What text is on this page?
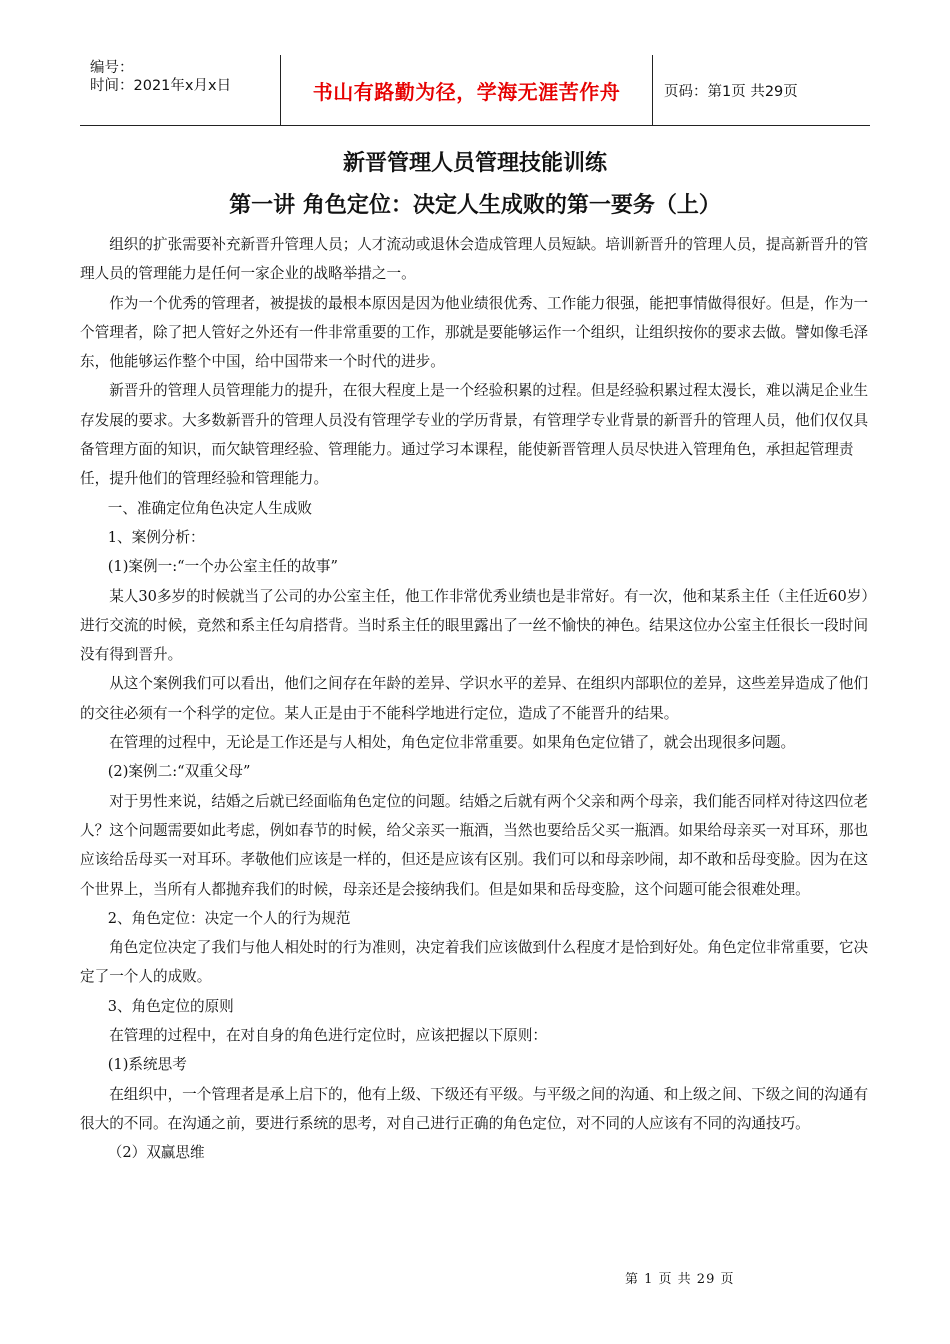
编号：
时间：2021年x月x日	书山有路勤为径，学海无涯苦作舟	页码：第1页 共29页
新晋管理人员管理技能训练
第一讲 角色定位：决定人生成败的第一要务（上）

组织的扩张需要补充新晋升管理人员；人才流动或退休会造成管理人员短缺。培训新晋升的管理人员，提高新晋升的管理人员的管理能力是任何一家企业的战略举措之一。

作为一个优秀的管理者，被提拔的最根本原因是因为他业绩很优秀、工作能力很强，能把事情做得很好。但是，作为一个管理者，除了把人管好之外还有一件非常重要的工作，那就是要能够运作一个组织，让组织按你的要求去做。譬如像毛泽东，他能够运作整个中国，给中国带来一个时代的进步。

新晋升的管理人员管理能力的提升，在很大程度上是一个经验积累的过程。但是经验积累过程太漫长，难以满足企业生存发展的要求。大多数新晋升的管理人员没有管理学专业的学历背景，有管理学专业背景的新晋升的管理人员，他们仅仅具备管理方面的知识，而欠缺管理经验、管理能力。通过学习本课程，能使新晋管理人员尽快进入管理角色，承担起管理责任，提升他们的管理经验和管理能力。

一、准确定位角色决定人生成败

1、案例分析：

(1)案例一:“一个办公室主任的故事”

某人30多岁的时候就当了公司的办公室主任，他工作非常优秀业绩也是非常好。有一次，他和某系主任（主任近60岁）进行交流的时候，竟然和系主任勾肩搭背。当时系主任的眼里露出了一丝不愉快的神色。结果这位办公室主任很长一段时间没有得到晋升。

从这个案例我们可以看出，他们之间存在年龄的差异、学识水平的差异、在组织内部职位的差异，这些差异造成了他们的交往必须有一个科学的定位。某人正是由于不能科学地进行定位，造成了不能晋升的结果。

在管理的过程中，无论是工作还是与人相处，角色定位非常重要。如果角色定位错了，就会出现很多问题。

(2)案例二:“双重父母”

对于男性来说，结婚之后就已经面临角色定位的问题。结婚之后就有两个父亲和两个母亲，我们能否同样对待这四位老人？这个问题需要如此考虑，例如春节的时候，给父亲买一瓶酒，当然也要给岳父买一瓶酒。如果给母亲买一对耳环，那也应该给岳母买一对耳环。孝敬他们应该是一样的，但还是应该有区别。我们可以和母亲吵闹，却不敢和岳母变脸。因为在这个世界上，当所有人都抛弃我们的时候，母亲还是会接纳我们。但是如果和岳母变脸，这个问题可能会很难处理。

2、角色定位：决定一个人的行为规范

角色定位决定了我们与他人相处时的行为准则，决定着我们应该做到什么程度才是恰到好处。角色定位非常重要，它决定了一个人的成败。

3、角色定位的原则

在管理的过程中，在对自身的角色进行定位时，应该把握以下原则：

(1)系统思考

在组织中，一个管理者是承上启下的，他有上级、下级还有平级。与平级之间的沟通、和上级之间、下级之间的沟通有很大的不同。在沟通之前，要进行系统的思考，对自己进行正确的角色定位，对不同的人应该有不同的沟通技巧。

（2）双赢思维

第 1 页 共 29 页
